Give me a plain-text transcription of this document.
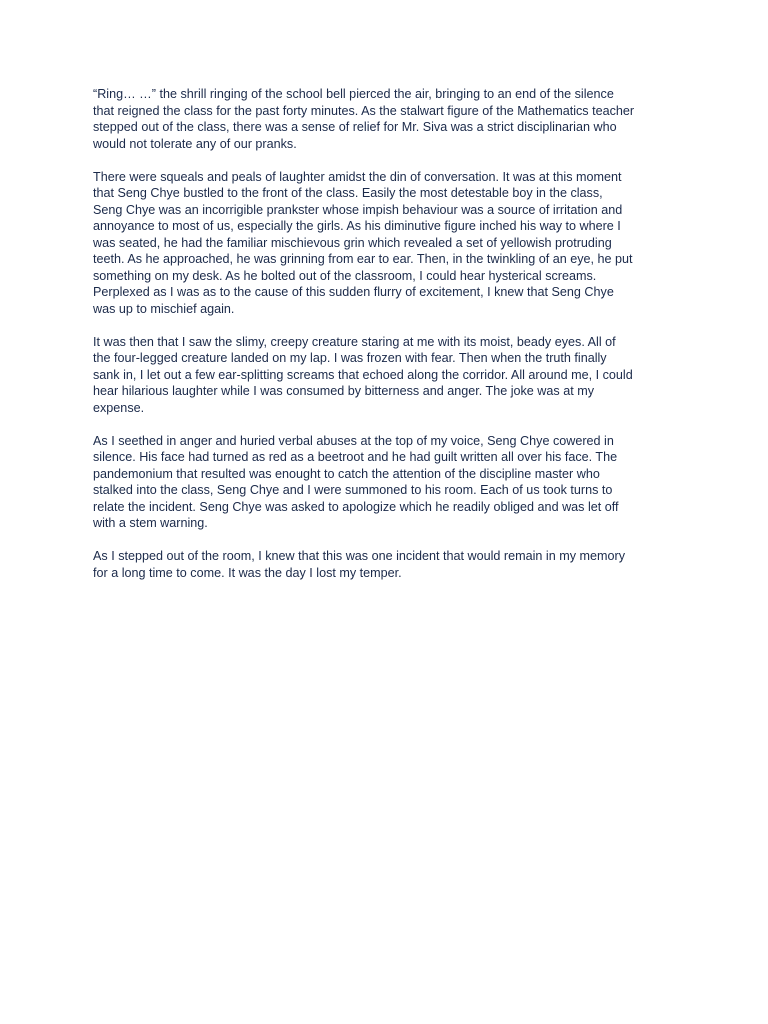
“Ring… …” the shrill ringing of the school bell pierced the air, bringing to an end of the silence
that reigned the class for the past forty minutes. As the stalwart figure of the Mathematics teacher
stepped out of the class, there was a sense of relief for Mr. Siva was a strict disciplinarian who
would not tolerate any of our pranks.

There were squeals and peals of laughter amidst the din of conversation. It was at this moment
that Seng Chye bustled to the front of the class. Easily the most detestable boy in the class,
Seng Chye was an incorrigible prankster whose impish behaviour was a source of irritation and
annoyance to most of us, especially the girls. As his diminutive figure inched his way to where I
was seated, he had the familiar mischievous grin which revealed a set of yellowish protruding
teeth. As he approached, he was grinning from ear to ear. Then, in the twinkling of an eye, he put
something on my desk. As he bolted out of the classroom, I could hear hysterical screams.
Perplexed as I was as to the cause of this sudden flurry of excitement, I knew that Seng Chye
was up to mischief again.

It was then that I saw the slimy, creepy creature staring at me with its moist, beady eyes. All of
the four-legged creature landed on my lap. I was frozen with fear. Then when the truth finally
sank in, I let out a few ear-splitting screams that echoed along the corridor. All around me, I could
hear hilarious laughter while I was consumed by bitterness and anger. The joke was at my
expense.

As I seethed in anger and huried verbal abuses at the top of my voice, Seng Chye cowered in
silence. His face had turned as red as a beetroot and he had guilt written all over his face. The
pandemonium that resulted was enought to catch the attention of the discipline master who
stalked into the class, Seng Chye and I were summoned to his room. Each of us took turns to
relate the incident. Seng Chye was asked to apologize which he readily obliged and was let off
with a stem warning.

As I stepped out of the room, I knew that this was one incident that would remain in my memory
for a long time to come. It was the day I lost my temper.
